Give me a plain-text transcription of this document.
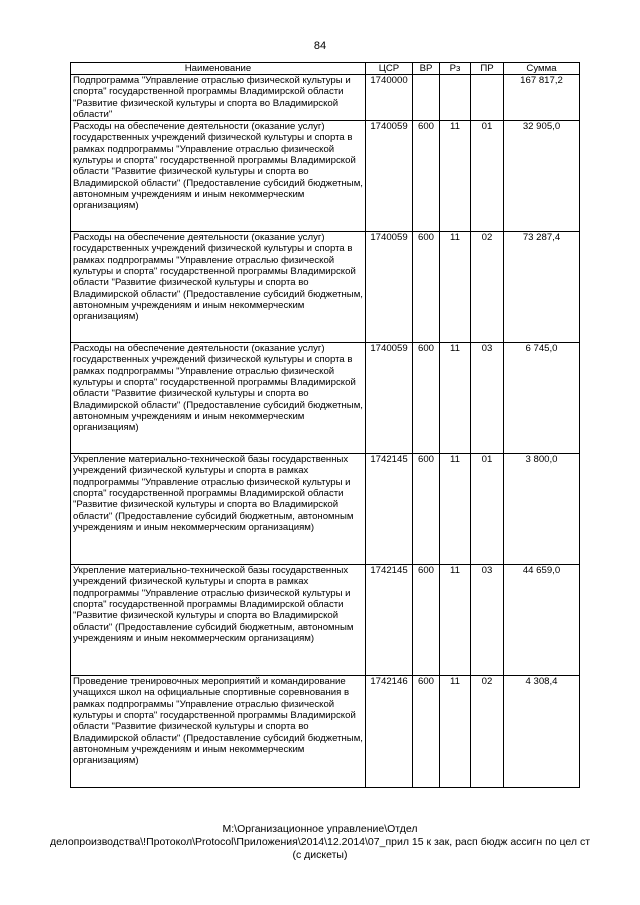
84
Наименование	ЦСР	ВР	Рз	ПР	Сумма
Подпрограмма "Управление отраслью физической культуры и спорта" государственной программы Владимирской области "Развитие физической культуры и спорта во Владимирской области"	1740000				167 817,2
Расходы на обеспечение деятельности (оказание услуг) государственных учреждений физической культуры и спорта в рамках подпрограммы "Управление отраслью физической культуры и спорта" государственной программы Владимирской области "Развитие физической культуры и спорта во Владимирской области" (Предоставление субсидий бюджетным, автономным учреждениям и иным некоммерческим организациям)	1740059	600	11	01	32 905,0
Расходы на обеспечение деятельности (оказание услуг) государственных учреждений физической культуры и спорта в рамках подпрограммы "Управление отраслью физической культуры и спорта" государственной программы Владимирской области "Развитие физической культуры и спорта во Владимирской области" (Предоставление субсидий бюджетным, автономным учреждениям и иным некоммерческим организациям)	1740059	600	11	02	73 287,4
Расходы на обеспечение деятельности (оказание услуг) государственных учреждений физической культуры и спорта в рамках подпрограммы "Управление отраслью физической культуры и спорта" государственной программы Владимирской области "Развитие физической культуры и спорта во Владимирской области" (Предоставление субсидий бюджетным, автономным учреждениям и иным некоммерческим организациям)	1740059	600	11	03	6 745,0
Укрепление материально-технической базы государственных учреждений физической культуры и спорта в рамках подпрограммы "Управление отраслью физической культуры и спорта" государственной программы Владимирской области "Развитие физической культуры и спорта во Владимирской области" (Предоставление субсидий бюджетным, автономным учреждениям и иным некоммерческим организациям)	1742145	600	11	01	3 800,0
Укрепление материально-технической базы государственных учреждений физической культуры и спорта в рамках подпрограммы "Управление отраслью физической культуры и спорта" государственной программы Владимирской области "Развитие физической культуры и спорта во Владимирской области" (Предоставление субсидий бюджетным, автономным учреждениям и иным некоммерческим организациям)	1742145	600	11	03	44 659,0
Проведение тренировочных мероприятий и командирование учащихся школ на официальные спортивные соревнования в рамках подпрограммы "Управление отраслью физической культуры и спорта" государственной программы Владимирской области "Развитие физической культуры и спорта во Владимирской области" (Предоставление субсидий бюджетным, автономным учреждениям и иным некоммерческим организациям)	1742146	600	11	02	4 308,4
М:\Организационное управление\Отдел
делопроизводства\!Протокол\Protocol\Приложения\2014\12.2014\07_прил 15 к зак, расп бюдж ассигн по цел ст
(с дискеты)
